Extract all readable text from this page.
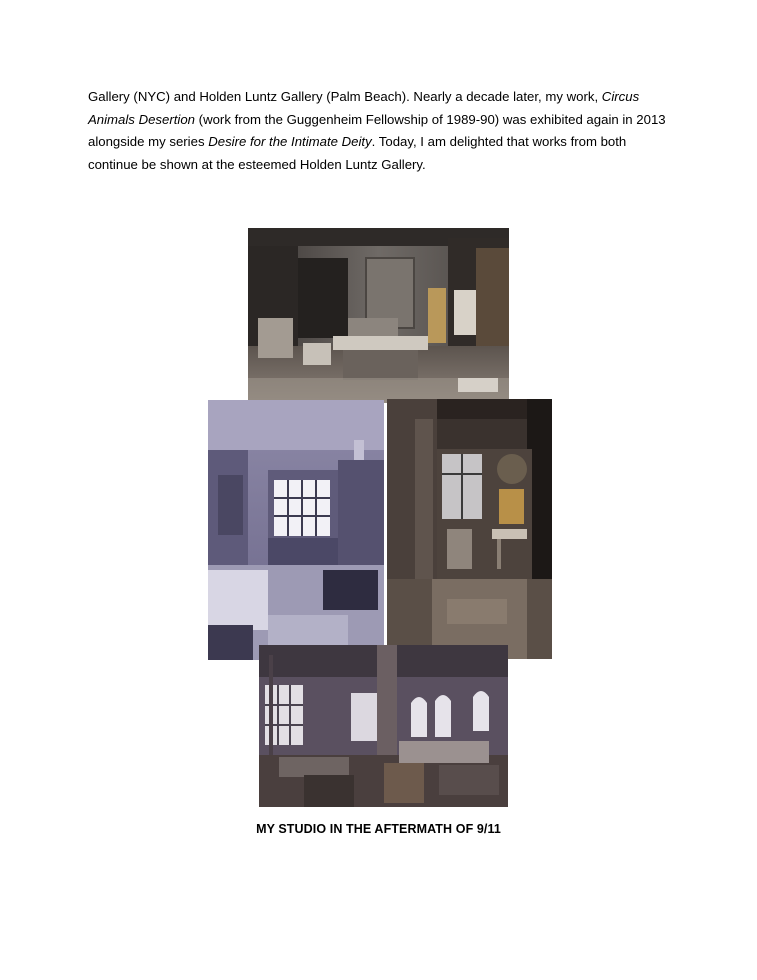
Gallery (NYC) and Holden Luntz Gallery (Palm Beach). Nearly a decade later, my work, Circus Animals Desertion (work from the Guggenheim Fellowship of 1989-90) was exhibited again in 2013 alongside my series Desire for the Intimate Deity. Today, I am delighted that works from both continue be shown at the esteemed Holden Luntz Gallery.

MY STUDIO IN THE AFTERMATH OF 9/11
